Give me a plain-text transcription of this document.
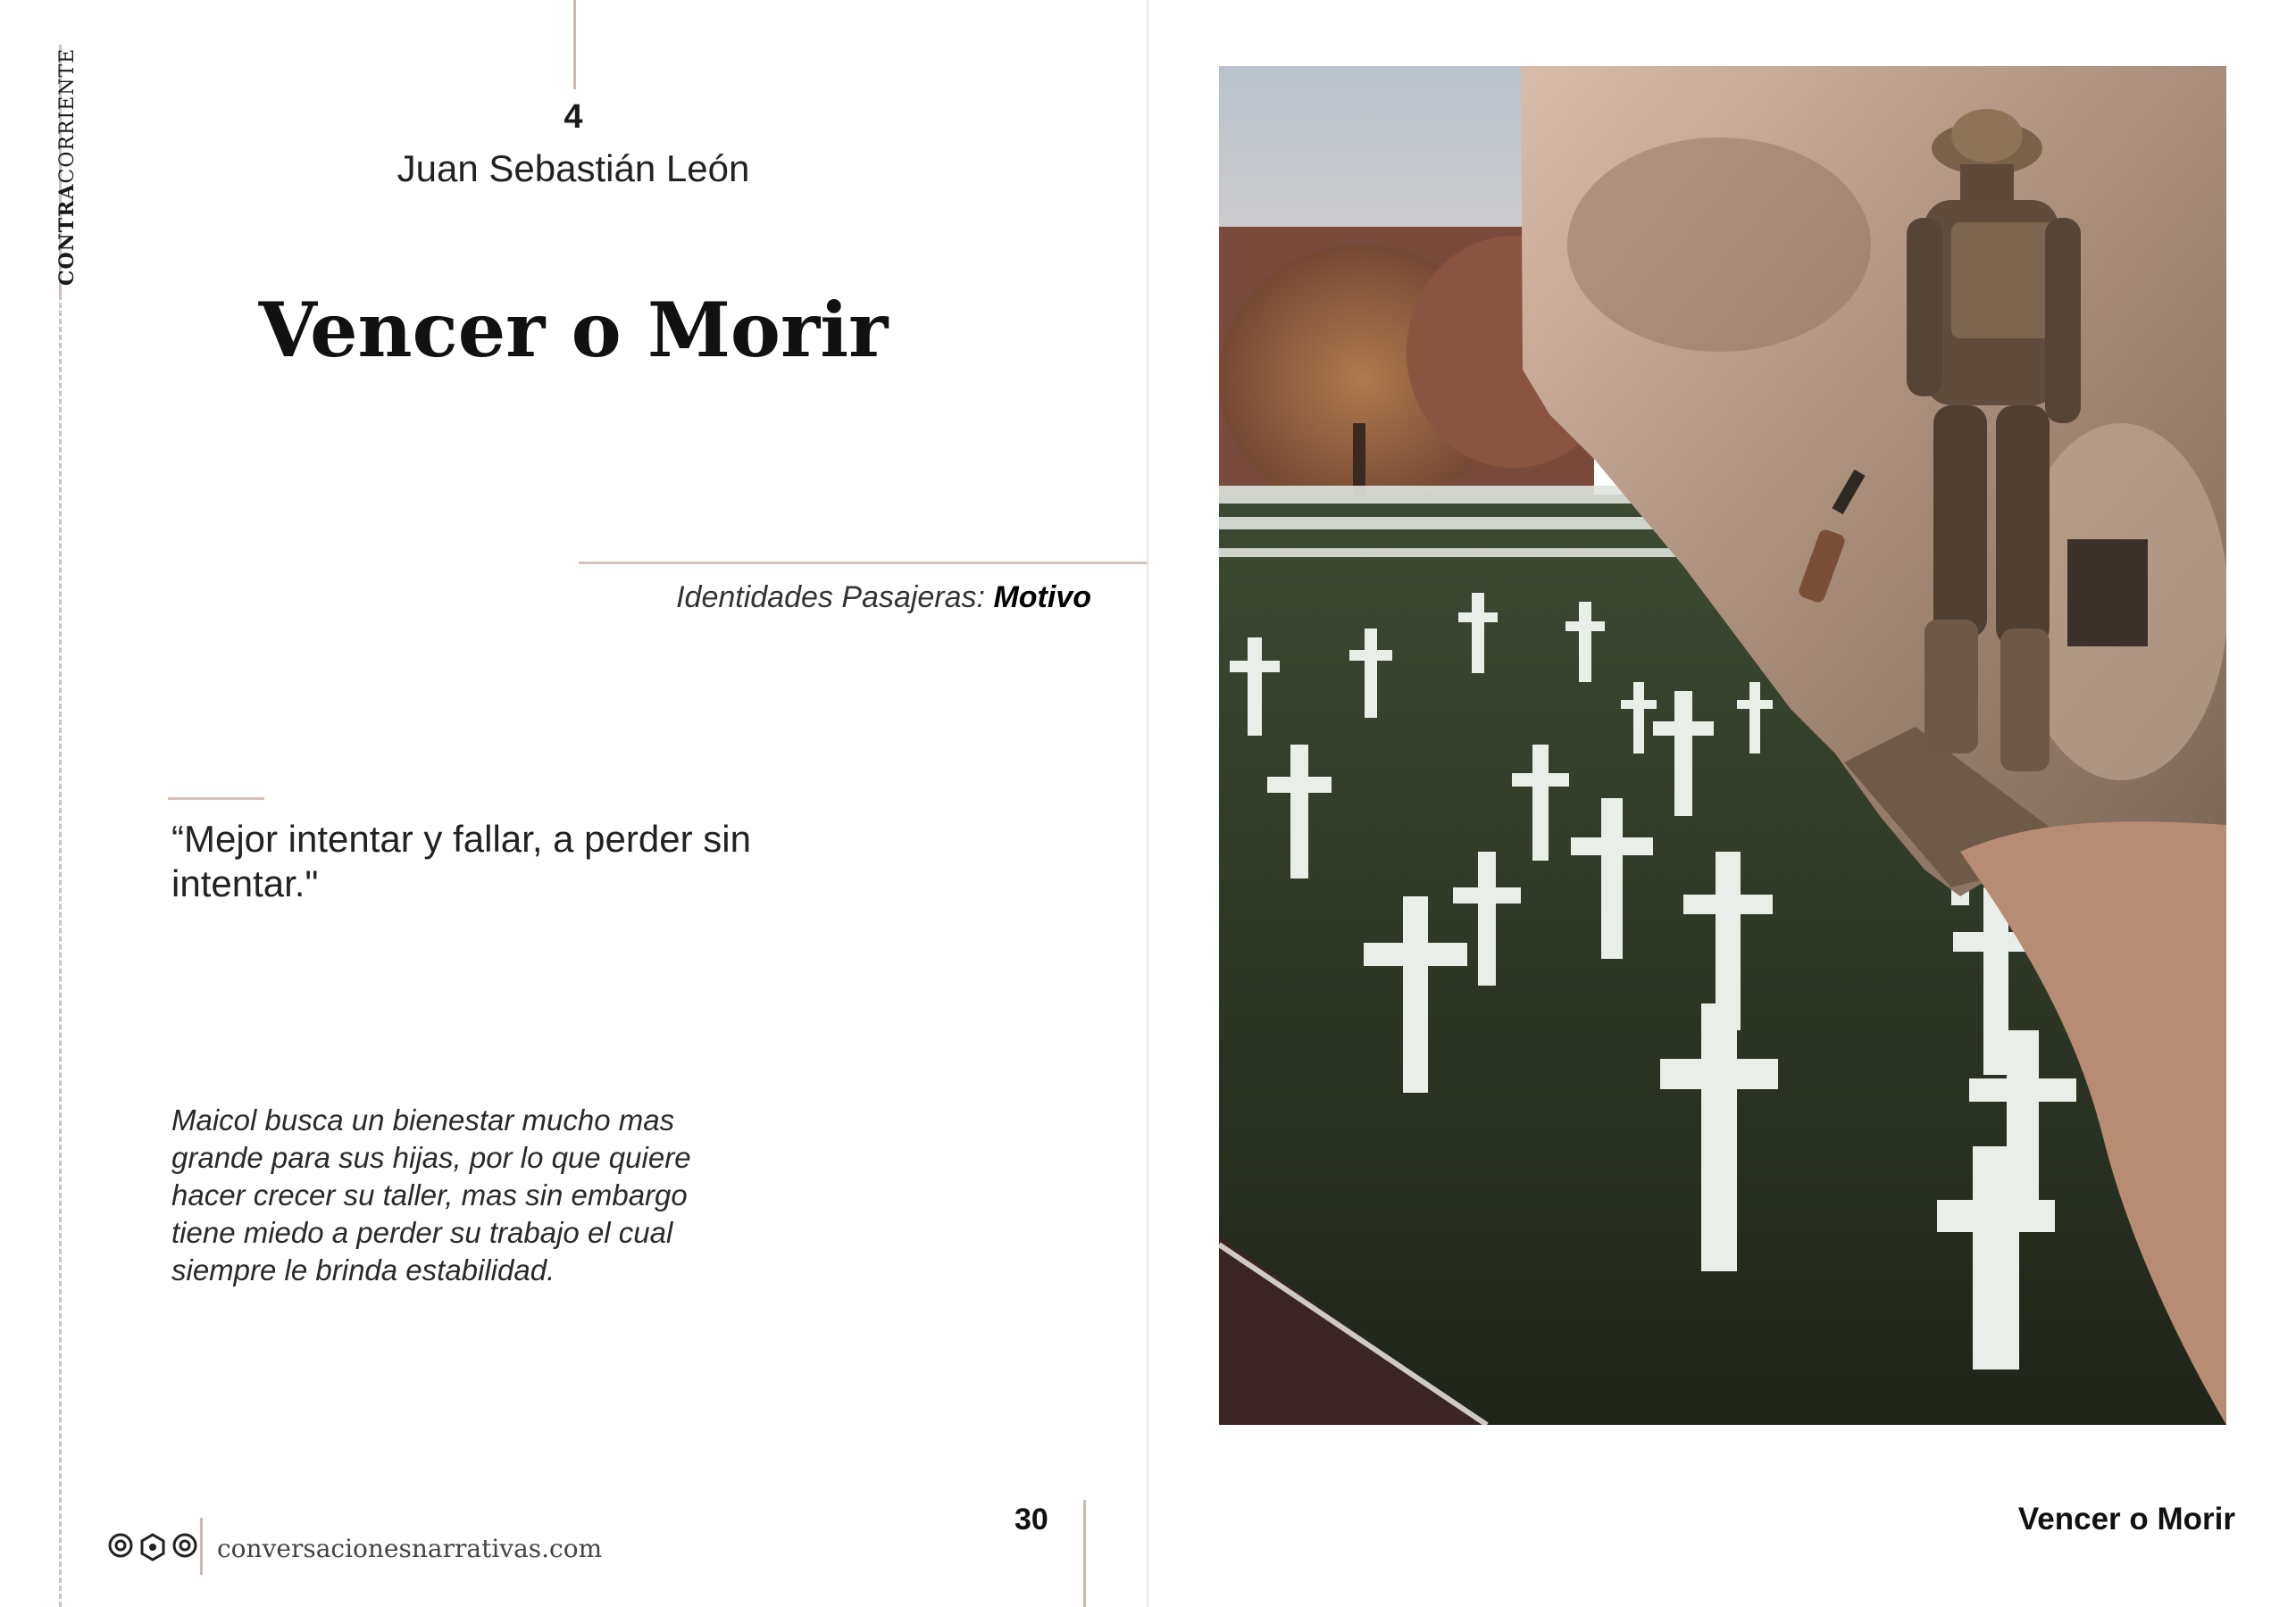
CONTRACORRIENTE	4
Juan Sebastián León
Vencer o Morir
Identidades Pasajeras: Motivo
“Mejor intentar y fallar, a perder sin intentar."
Maicol busca un bienestar mucho mas grande para sus hijas, por lo que quiere hacer crecer su taller, mas sin embargo tiene miedo a perder su trabajo el cual siempre le brinda estabilidad.
30
conversacionesnarrativas.com
Vencer o Morir
